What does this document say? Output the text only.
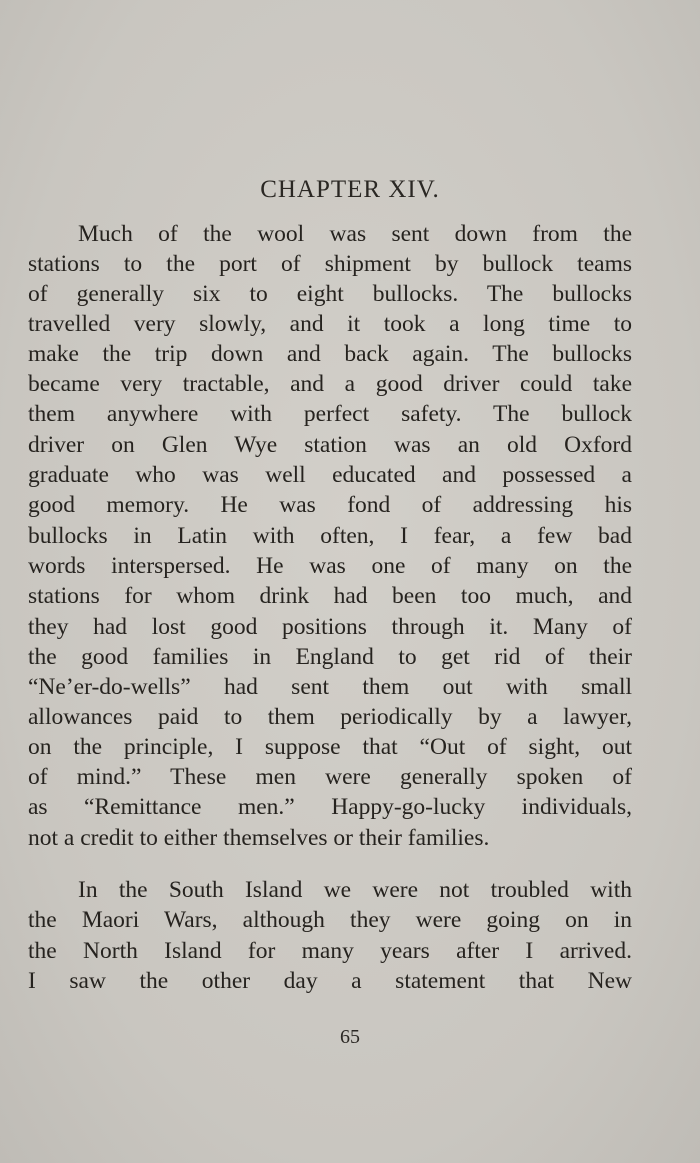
CHAPTER XIV.
Much of the wool was sent down from the
stations to the port of shipment by bullock teams
of generally six to eight bullocks. The bullocks
travelled very slowly, and it took a long time to
make the trip down and back again. The bullocks
became very tractable, and a good driver could take
them anywhere with perfect safety. The bullock
driver on Glen Wye station was an old Oxford
graduate who was well educated and possessed a
good memory. He was fond of addressing his
bullocks in Latin with often, I fear, a few bad
words interspersed. He was one of many on the
stations for whom drink had been too much, and
they had lost good positions through it. Many of
the good families in England to get rid of their
“Ne’er-do-wells” had sent them out with small
allowances paid to them periodically by a lawyer,
on the principle, I suppose that “Out of sight, out
of mind.” These men were generally spoken of
as “Remittance men.” Happy-go-lucky individuals,
not a credit to either themselves or their families.
In the South Island we were not troubled with
the Maori Wars, although they were going on in
the North Island for many years after I arrived.
I saw the other day a statement that New
65
